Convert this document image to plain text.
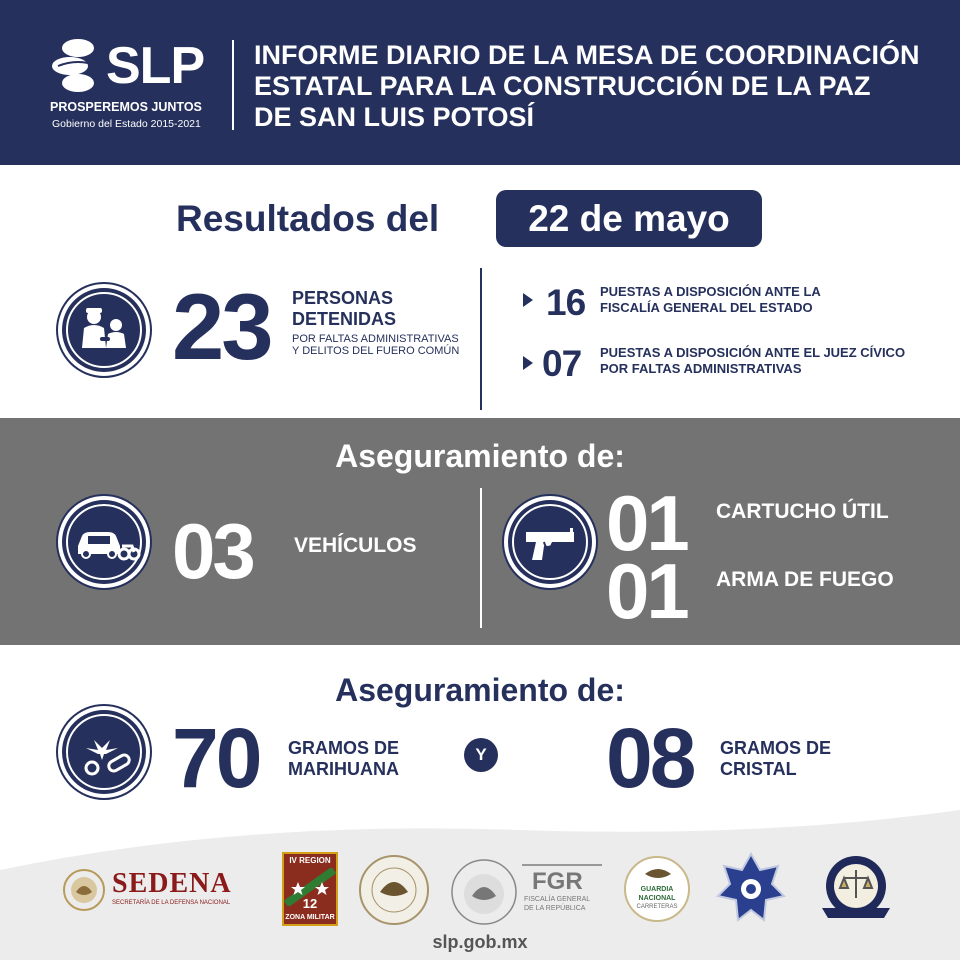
SLP
PROSPEREMOS JUNTOS
Gobierno del Estado 2015-2021
INFORME DIARIO DE LA MESA DE COORDINACIÓN
ESTATAL PARA LA CONSTRUCCIÓN DE LA PAZ
DE SAN LUIS POTOSÍ
Resultados del	22 de mayo
23 PERSONAS
DETENIDAS
POR FALTAS ADMINISTRATIVAS
Y DELITOS DEL FUERO COMÚN
16 PUESTAS A DISPOSICIÓN ANTE LA
FISCALÍA GENERAL DEL ESTADO
07 PUESTAS A DISPOSICIÓN ANTE EL JUEZ CÍVICO
POR FALTAS ADMINISTRATIVAS
Aseguramiento de:
03 VEHÍCULOS 01 CARTUCHO ÚTIL
01 ARMA DE FUEGO
Aseguramiento de:
70 GRAMOS DE
MARIHUANA
Y 08 GRAMOS DE
CRISTAL
SEDENA
SECRETARÍA DE LA DEFENSA NACIONAL
IV REGION
12
ZONA MILITAR
FGR
FISCALÍA GENERAL
DE LA REPÚBLICA
GUARDIA
NACIONAL
CARRETERAS
slp.gob.mx
